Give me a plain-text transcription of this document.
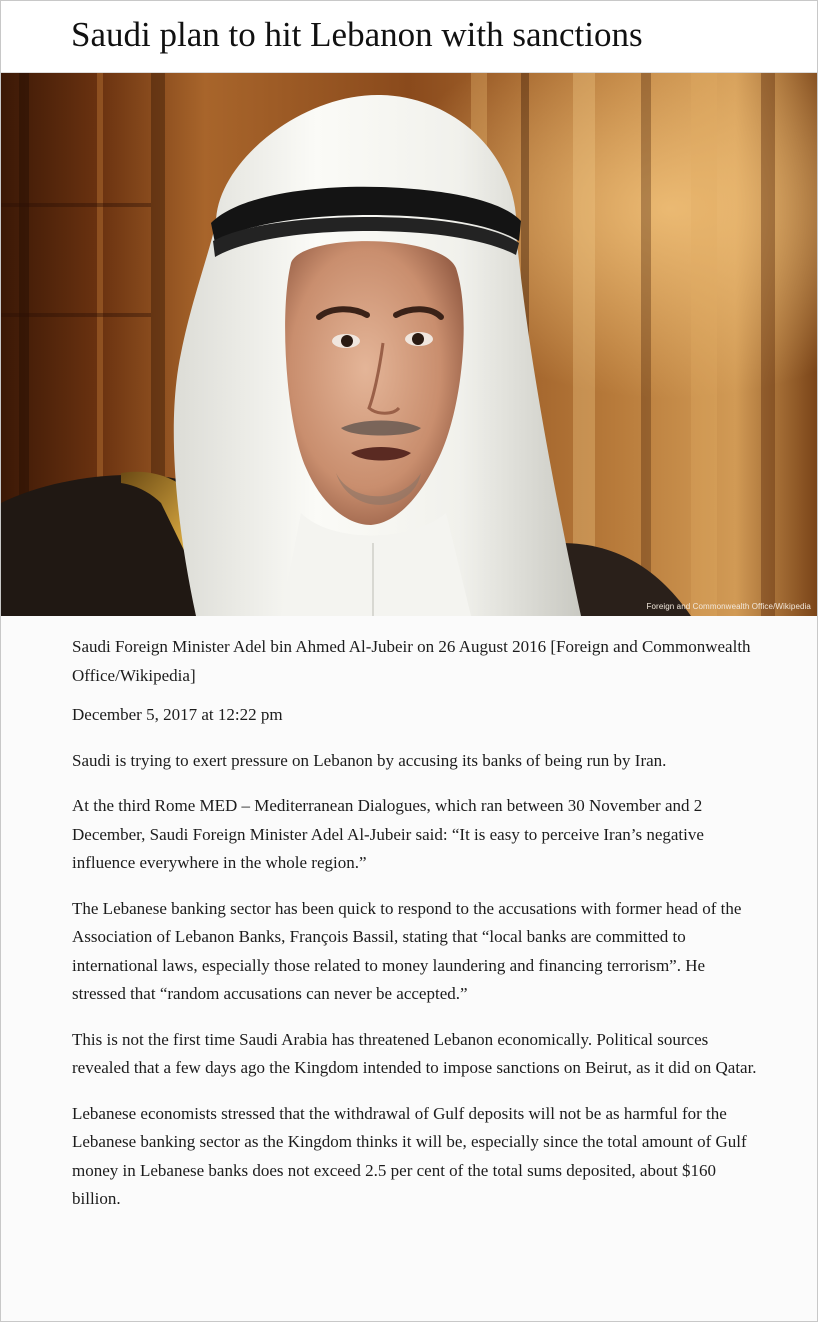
Saudi plan to hit Lebanon with sanctions
Foreign and Commonwealth Office/Wikipedia

Saudi Foreign Minister Adel bin Ahmed Al-Jubeir on 26 August 2016 [Foreign and Commonwealth Office/Wikipedia]

December 5, 2017 at 12:22 pm

Saudi is trying to exert pressure on Lebanon by accusing its banks of being run by Iran.

At the third Rome MED – Mediterranean Dialogues, which ran between 30 November and 2 December, Saudi Foreign Minister Adel Al-Jubeir said: “It is easy to perceive Iran’s negative influence everywhere in the whole region.”

The Lebanese banking sector has been quick to respond to the accusations with former head of the Association of Lebanon Banks, François Bassil, stating that “local banks are committed to international laws, especially those related to money laundering and financing terrorism”. He stressed that “random accusations can never be accepted.”

This is not the first time Saudi Arabia has threatened Lebanon economically. Political sources revealed that a few days ago the Kingdom intended to impose sanctions on Beirut, as it did on Qatar.

Lebanese economists stressed that the withdrawal of Gulf deposits will not be as harmful for the Lebanese banking sector as the Kingdom thinks it will be, especially since the total amount of Gulf money in Lebanese banks does not exceed 2.5 per cent of the total sums deposited, about $160 billion.
